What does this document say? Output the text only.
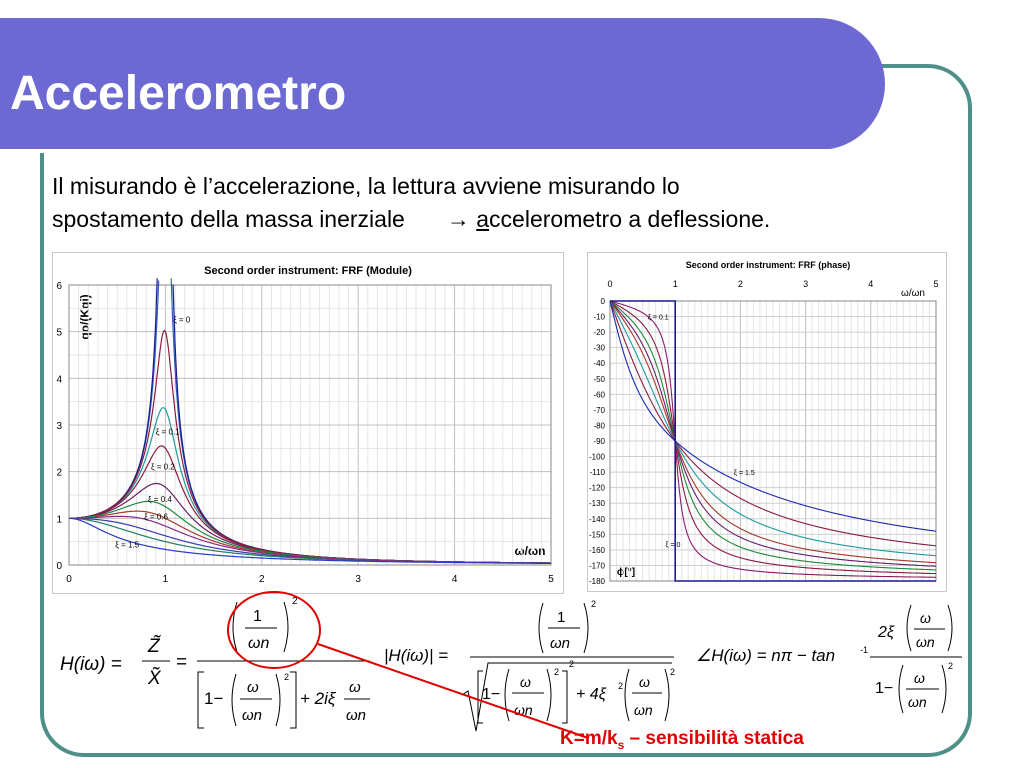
Accelerometro
Il misurando è l’accelerazione, la lettura avviene misurando lo
spostamento della massa inerziale → accelerometro a deflessione.
Second order instrument: FRF (Module)
qo/(Kqi)
ω/ωn
0	1	2	3	4	5
0
1
2
3
4
5
6
ξ = 0
ξ = 0.1
ξ = 0.2
ξ = 0.4
ξ = 0.6
ξ = 1.5
Second order instrument: FRF (phase)
ω/ωn
ϕ[°]
0	1	2	3	4	5
0
-10
-20
-30
-40
-50
-60
-70
-80
-90
-100
-110
-120
-130
-140
-150
-160
-170
-180
ξ = 0.1
ξ = 1.5
ξ = 0
H(iω) =
Z̃
X̃
=
1
ωn
2
1−
ω
ωn
2
+ 2iξ
ω
ωn
|H(iω)| =
1
ωn
2
1−
ω
ωn
2
2
+ 4ξ 2 ω
ωn
2
∠H(iω) = nπ − tan	-1
2ξ
ω
ωn
1−
ω
ωn
2
$K=m/k_s$ – sensibilità statica
